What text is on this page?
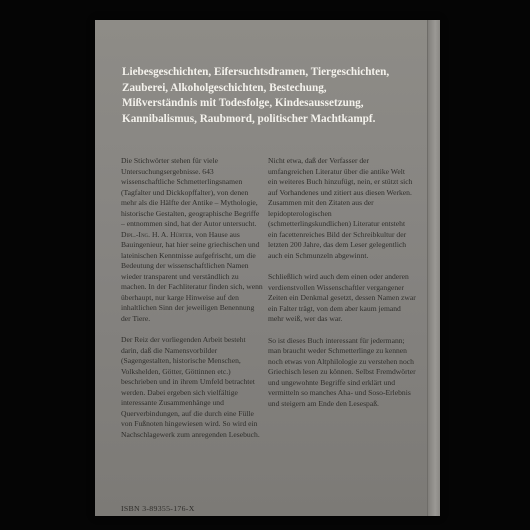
Liebesgeschichten, Eifersuchtsdramen, Tiergeschichten,

Zauberei, Alkoholgeschichten, Bestechung,

Mißverständnis mit Todesfolge, Kindesaussetzung,

Kannibalismus, Raubmord, politischer Machtkampf.

Die Stichwörter stehen für viele Untersuchungsergebnisse. 643 wissenschaftliche Schmetterlingsnamen (Tagfalter und Dickkopffalter), von denen mehr als die Hälfte der Antike – Mythologie, historische Gestalten, geographische Begriffe – entnommen sind, hat der Autor untersucht. Dipl.-Ing. H. A. Hürter, von Hause aus Bauingenieur, hat hier seine griechischen und lateinischen Kenntnisse aufgefrischt, um die Bedeutung der wissenschaftlichen Namen wieder transparent und verständlich zu machen. In der Fachliteratur finden sich, wenn überhaupt, nur karge Hinweise auf den inhaltlichen Sinn der jeweiligen Benennung der Tiere.

Der Reiz der vorliegenden Arbeit besteht darin, daß die Namensvorbilder (Sagengestalten, historische Menschen, Volkshelden, Götter, Göttinnen etc.) beschrieben und in ihrem Umfeld betrachtet werden. Dabei ergeben sich vielfältige interessante Zusammenhänge und Querverbindungen, auf die durch eine Fülle von Fußnoten hingewiesen wird. So wird ein Nachschlagewerk zum anregenden Lesebuch.

Nicht etwa, daß der Verfasser der umfangreichen Literatur über die antike Welt ein weiteres Buch hinzufügt, nein, er stützt sich auf Vorhandenes und zitiert aus diesen Werken. Zusammen mit den Zitaten aus der lepidopterologischen (schmetterlingskundlichen) Literatur entsteht ein facettenreiches Bild der Schreibkultur der letzten 200 Jahre, das dem Leser gelegentlich auch ein Schmunzeln abgewinnt.

Schließlich wird auch dem einen oder anderen verdienstvollen Wissenschaftler vergangener Zeiten ein Denkmal gesetzt, dessen Namen zwar ein Falter trägt, von dem aber kaum jemand mehr weiß, wer das war.

So ist dieses Buch interessant für jedermann; man braucht weder Schmetterlinge zu kennen noch etwas von Altphilologie zu verstehen noch Griechisch lesen zu können. Selbst Fremdwörter und ungewohnte Begriffe sind erklärt und vermitteln so manches Aha- und Soso-Erlebnis und steigern am Ende den Lesespaß.

ISBN 3-89355-176-X
